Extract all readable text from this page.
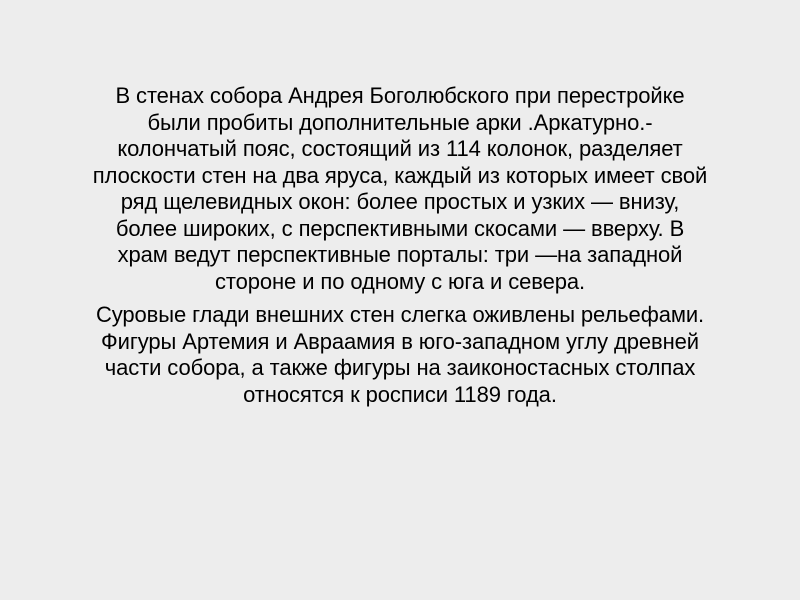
В стенах собора Андрея Боголюбского при перестройке
были пробиты дополнительные арки .Аркатурно.-
колончатый пояс, состоящий из 114 колонок, разделяет
плоскости стен на два яруса, каждый из которых имеет свой
ряд щелевидных окон: более простых и узких — внизу,
более широких, с перспективными скосами — вверху. В
храм ведут перспективные порталы: три —на западной
стороне и по одному с юга и севера.

Суровые глади внешних стен слегка оживлены рельефами.
Фигуры Артемия и Авраамия в юго-западном углу древней
части собора, а также фигуры на заиконостасных столпах
относятся к росписи 1189 года.
